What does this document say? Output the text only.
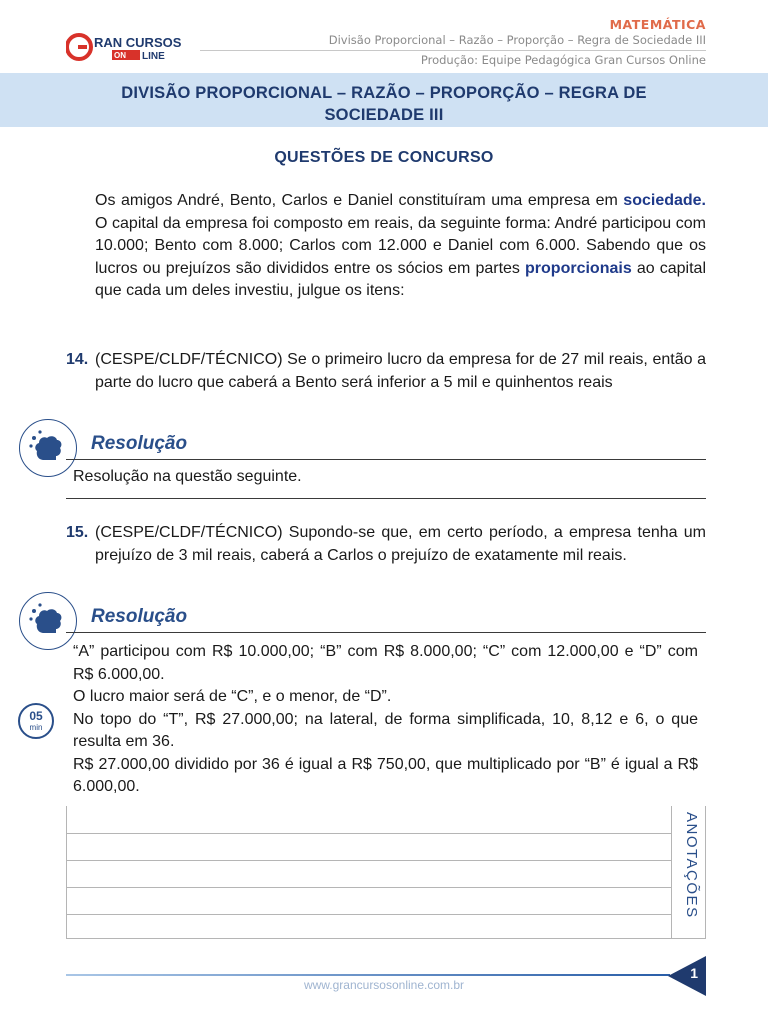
RAN CURSOS
ON LINE
MATEMÁTICA
Divisão Proporcional – Razão – Proporção – Regra de Sociedade III
Produção: Equipe Pedagógica Gran Cursos Online
DIVISÃO PROPORCIONAL – RAZÃO – PROPORÇÃO – REGRA DE
SOCIEDADE III
QUESTÕES DE CONCURSO
Os amigos André, Bento, Carlos e Daniel constituíram uma empresa em sociedade. O capital da empresa foi composto em reais, da seguinte forma: André participou com 10.000; Bento com 8.000; Carlos com 12.000 e Daniel com 6.000. Sabendo que os lucros ou prejuízos são divididos entre os sócios em partes proporcionais ao capital que cada um deles investiu, julgue os itens:
14. (CESPE/CLDF/TÉCNICO) Se o primeiro lucro da empresa for de 27 mil reais, então a parte do lucro que caberá a Bento será inferior a 5 mil e quinhentos reais
Resolução
Resolução na questão seguinte.
15. (CESPE/CLDF/TÉCNICO) Supondo-se que, em certo período, a empresa tenha um prejuízo de 3 mil reais, caberá a Carlos o prejuízo de exatamente mil reais.
Resolução

“A” participou com R$ 10.000,00; “B” com R$ 8.000,00; “C” com 12.000,00 e “D” com R$ 6.000,00.

O lucro maior será de “C”, e o menor, de “D”.

No topo do “T”, R$ 27.000,00; na lateral, de forma simplificada, 10, 8,12 e 6, o que resulta em 36.

R$ 27.000,00 dividido por 36 é igual a R$ 750,00, que multiplicado por “B” é igual a R$ 6.000,00.

05
min
ANOTAÇÕES
www.grancursosonline.com.br
1
